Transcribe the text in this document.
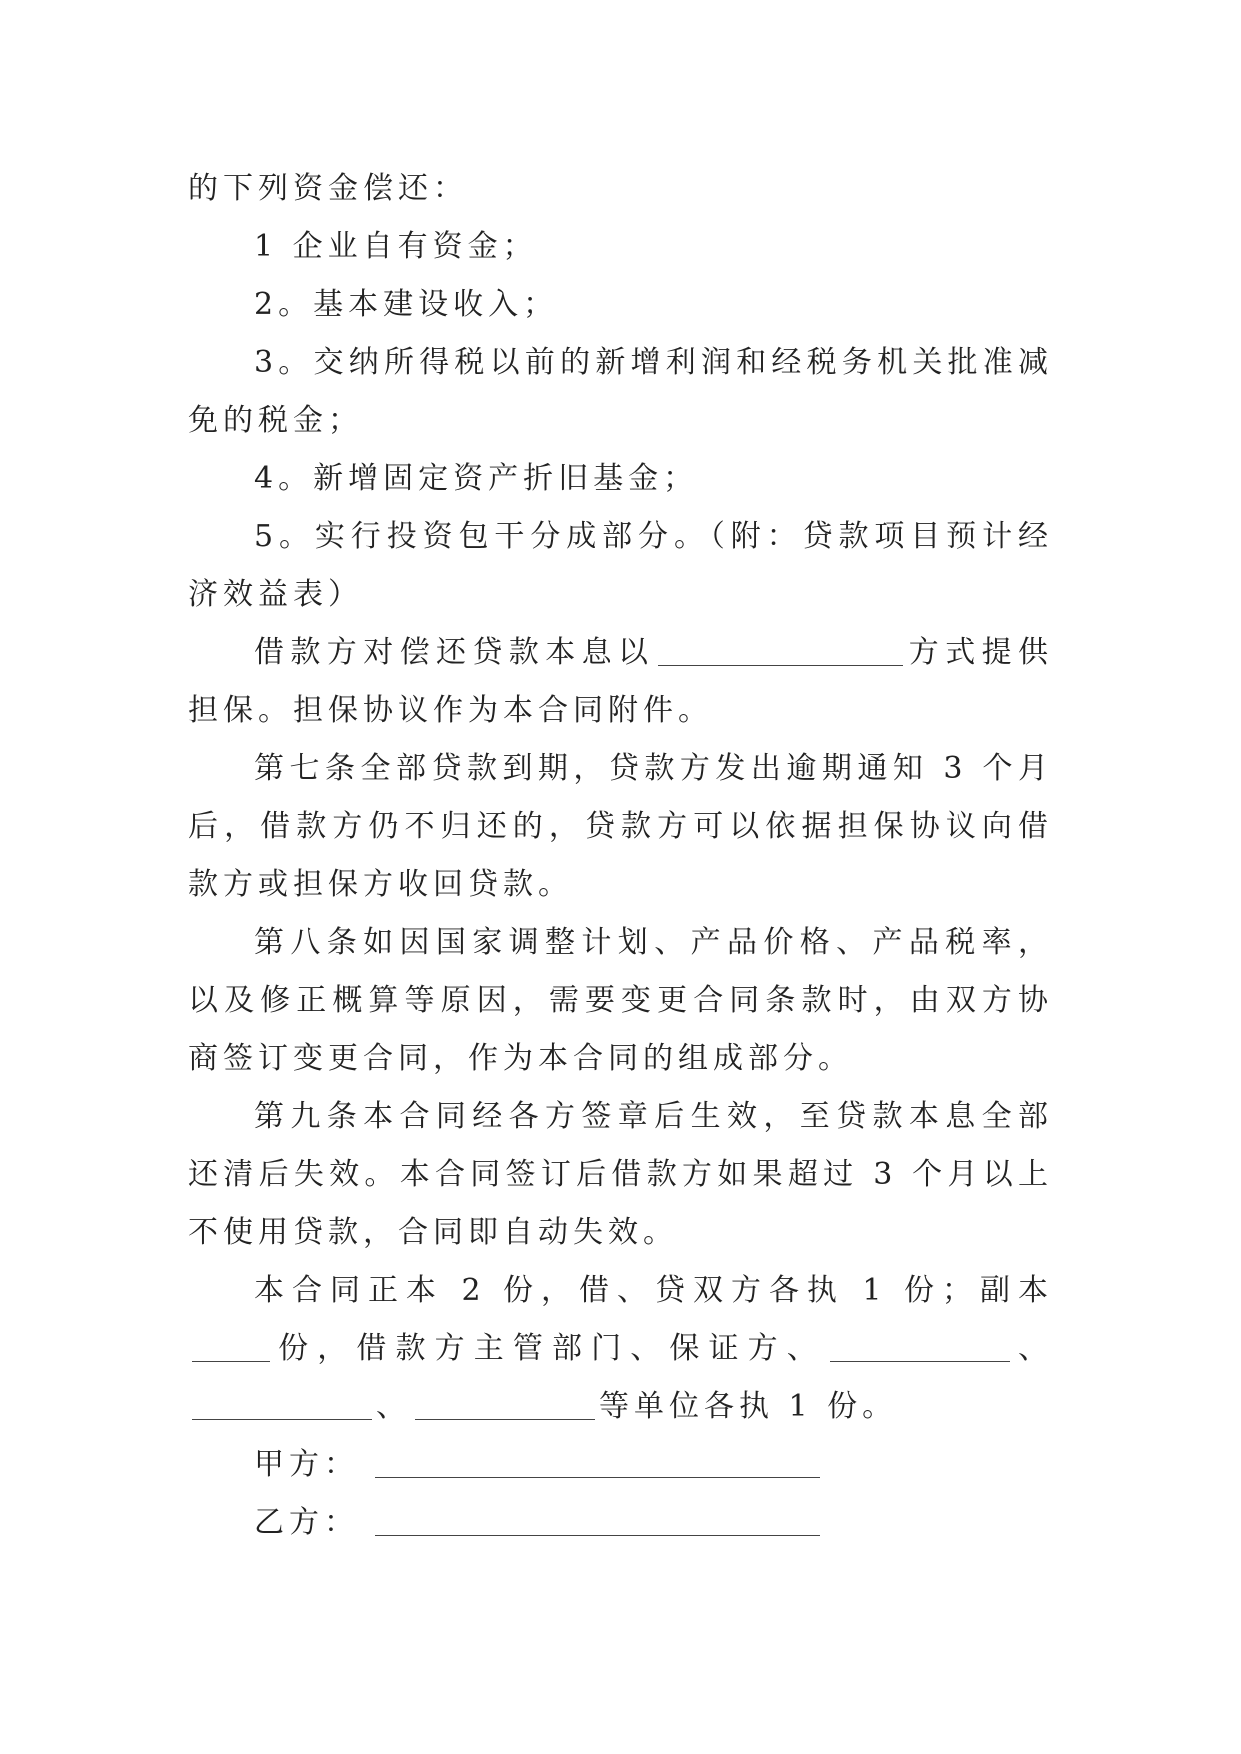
的下列资金偿还：

1 企业自有资金；

2。基本建设收入；

3。交纳所得税以前的新增利润和经税务机关批准减免的税金；

4。新增固定资产折旧基金；

5。实行投资包干分成部分。（附：贷款项目预计经济效益表）

借款方对偿还贷款本息以	方式提供担保。担保协议作为本合同附件。

第七条全部贷款到期，贷款方发出逾期通知 3 个月后，借款方仍不归还的，贷款方可以依据担保协议向借款方或担保方收回贷款。

第八条如因国家调整计划、产品价格、产品税率，以及修正概算等原因，需要变更合同条款时，由双方协商签订变更合同，作为本合同的组成部分。

第九条本合同经各方签章后生效，至贷款本息全部还清后失效。本合同签订后借款方如果超过 3 个月以上不使用贷款，合同即自动失效。

本合同正本 2 份，借、贷双方各执 1 份；副本份，借款方主管部门、保证方、	、、	等单位各执 1 份。

甲方：

乙方：
